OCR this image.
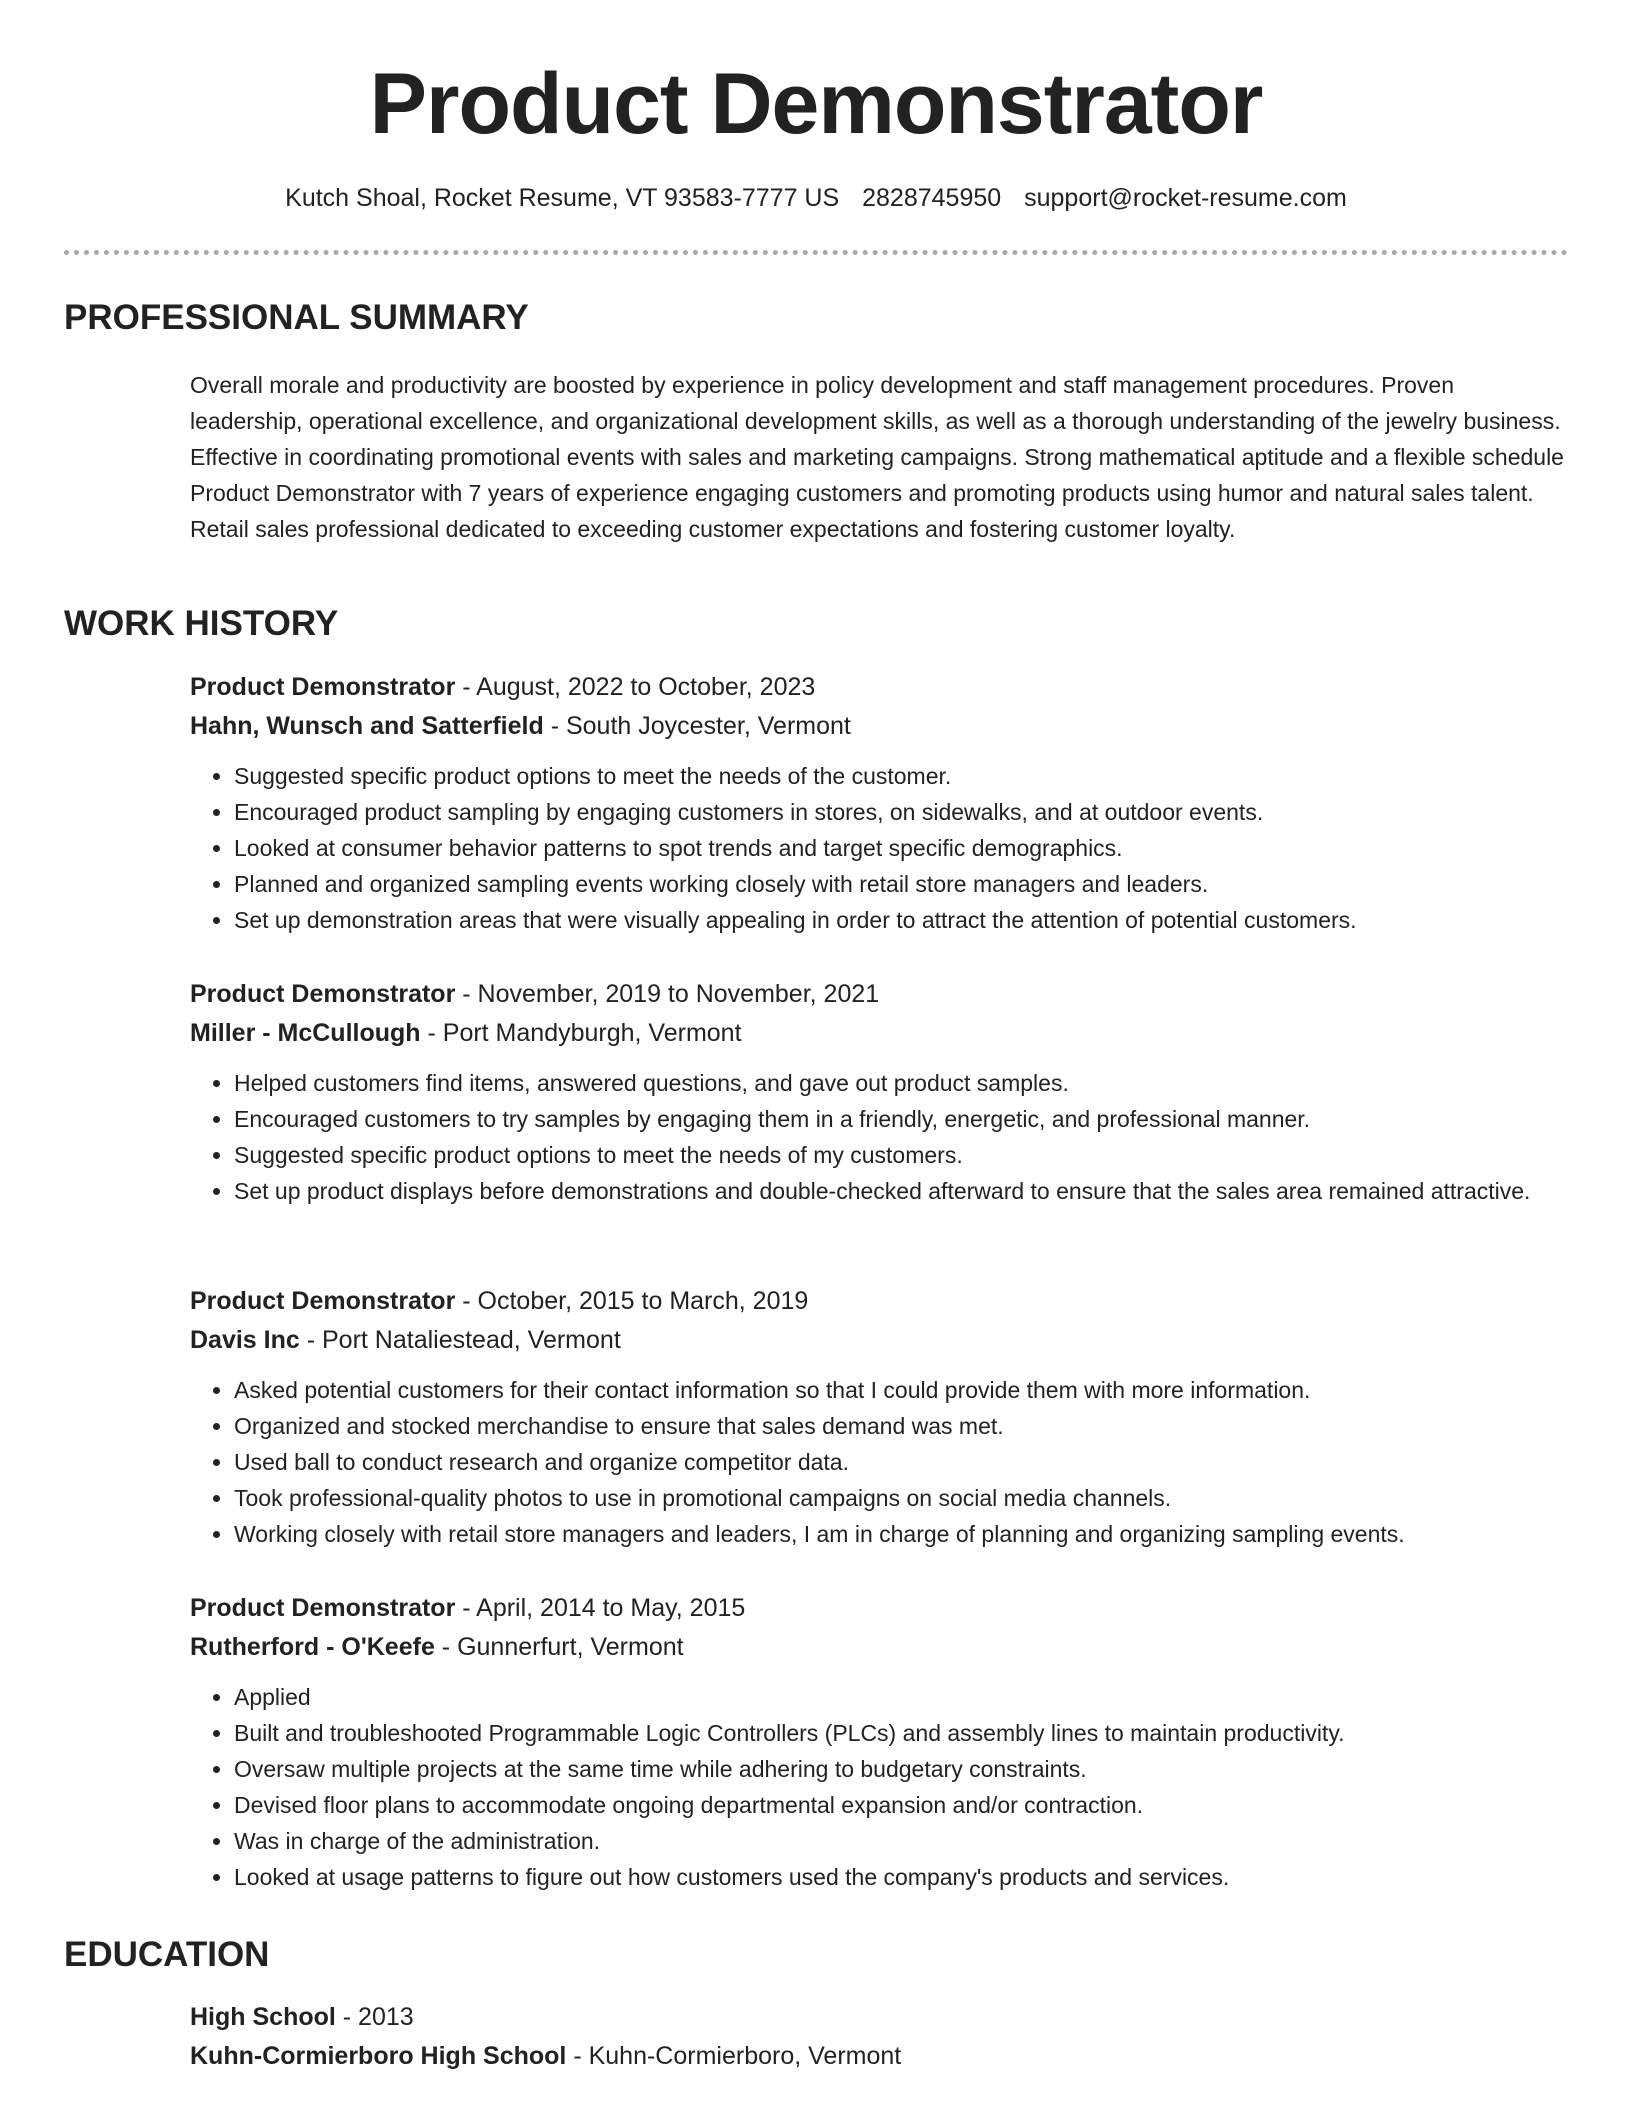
Product Demonstrator
Kutch Shoal, Rocket Resume, VT 93583-7777 US 2828745950 support@rocket-resume.com
PROFESSIONAL SUMMARY

Overall morale and productivity are boosted by experience in policy development and staff management procedures. Proven leadership, operational excellence, and organizational development skills, as well as a thorough understanding of the jewelry business. Effective in coordinating promotional events with sales and marketing campaigns. Strong mathematical aptitude and a flexible schedule Product Demonstrator with 7 years of experience engaging customers and promoting products using humor and natural sales talent. Retail sales professional dedicated to exceeding customer expectations and fostering customer loyalty.

WORK HISTORY
Product Demonstrator - August, 2022 to October, 2023
Hahn, Wunsch and Satterfield - South Joycester, Vermont
• Suggested specific product options to meet the needs of the customer.
• Encouraged product sampling by engaging customers in stores, on sidewalks, and at outdoor events.
• Looked at consumer behavior patterns to spot trends and target specific demographics.
• Planned and organized sampling events working closely with retail store managers and leaders.
• Set up demonstration areas that were visually appealing in order to attract the attention of potential customers.
Product Demonstrator - November, 2019 to November, 2021
Miller - McCullough - Port Mandyburgh, Vermont
• Helped customers find items, answered questions, and gave out product samples.
• Encouraged customers to try samples by engaging them in a friendly, energetic, and professional manner.
• Suggested specific product options to meet the needs of my customers.
• Set up product displays before demonstrations and double-checked afterward to ensure that the sales area remained attractive.
Product Demonstrator - October, 2015 to March, 2019
Davis Inc - Port Nataliestead, Vermont
• Asked potential customers for their contact information so that I could provide them with more information.
• Organized and stocked merchandise to ensure that sales demand was met.
• Used ball to conduct research and organize competitor data.
• Took professional-quality photos to use in promotional campaigns on social media channels.
• Working closely with retail store managers and leaders, I am in charge of planning and organizing sampling events.
Product Demonstrator - April, 2014 to May, 2015
Rutherford - O'Keefe - Gunnerfurt, Vermont
• Applied
• Built and troubleshooted Programmable Logic Controllers (PLCs) and assembly lines to maintain productivity.
• Oversaw multiple projects at the same time while adhering to budgetary constraints.
• Devised floor plans to accommodate ongoing departmental expansion and/or contraction.
• Was in charge of the administration.
• Looked at usage patterns to figure out how customers used the company's products and services.
EDUCATION
High School - 2013
Kuhn-Cormierboro High School - Kuhn-Cormierboro, Vermont
